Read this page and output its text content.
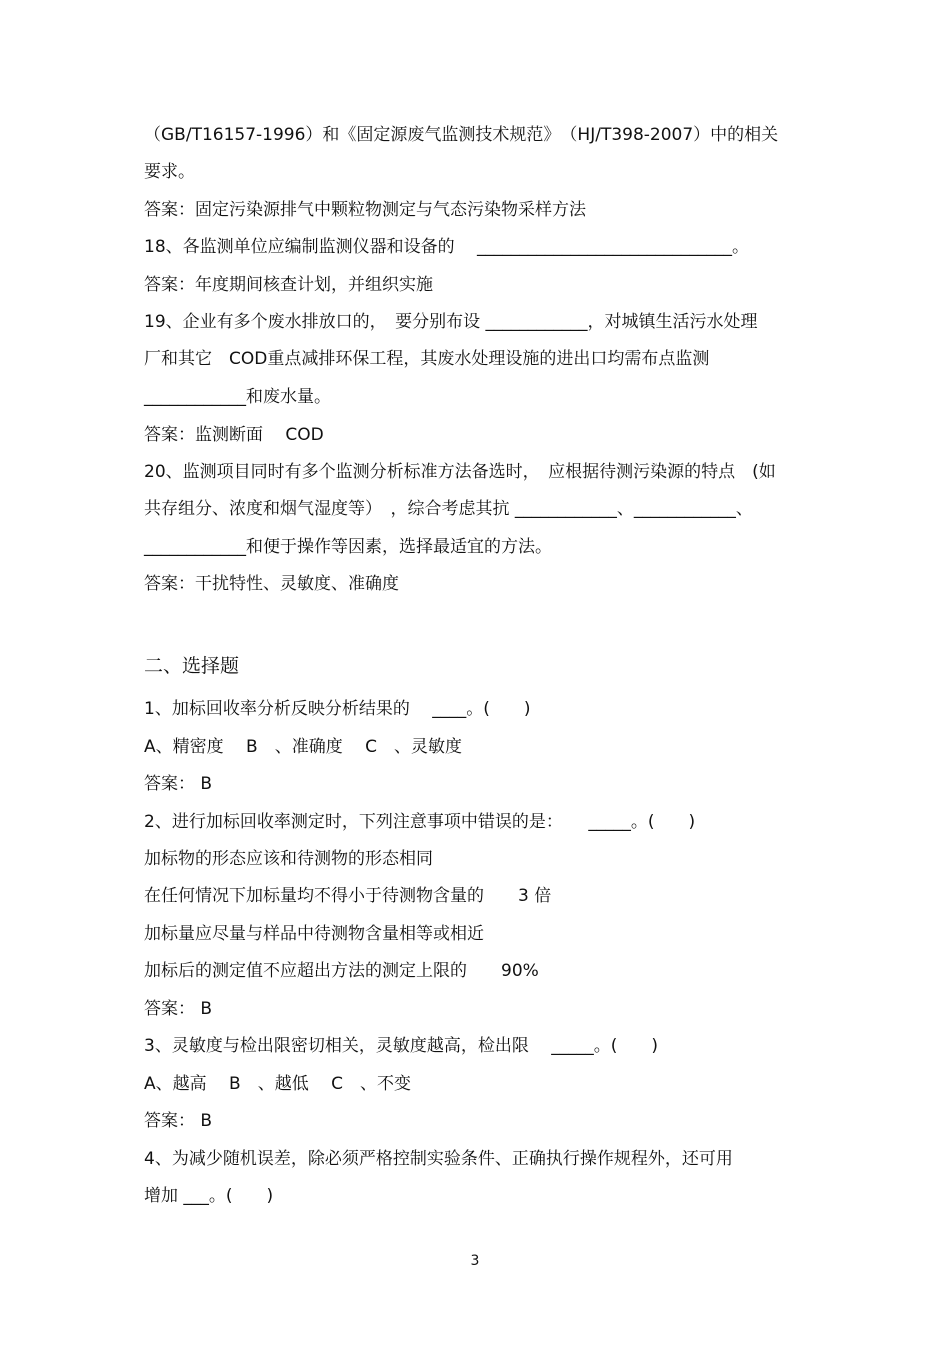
（GB/T16157-1996）和《固定源废气监测技术规范》　（HJ/T398-2007）中的相关
要求。
答案：固定污染源排气中颗粒物测定与气态污染物采样方法
18、各监测单位应编制监测仪器和设备的　 ______________________________。
答案：年度期间核查计划，并组织实施
19、企业有多个废水排放口的，　要分别布设 ____________，对城镇生活污水处理
厂和其它　COD重点减排环保工程，其废水处理设施的进出口均需布点监测
____________和废水量。
答案：监测断面　 COD
20、监测项目同时有多个监测分析标准方法备选时，　应根据待测污染源的特点　(如
共存组分、浓度和烟气湿度等）　，综合考虑其抗 ____________、____________、
____________和便于操作等因素，选择最适宜的方法。
答案：干扰特性、灵敏度、准确度
二、选择题
1、加标回收率分析反映分析结果的　 ____。(　　)
A、精密度　 B　、准确度　 C　、灵敏度
答案： B
2、进行加标回收率测定时，下列注意事项中错误的是：　　_____。(　　)
加标物的形态应该和待测物的形态相同
在任何情况下加标量均不得小于待测物含量的　　3 倍
加标量应尽量与样品中待测物含量相等或相近
加标后的测定值不应超出方法的测定上限的　　90%
答案： B
3、灵敏度与检出限密切相关，灵敏度越高，检出限　 _____。(　　)
A、越高　 B　、越低　 C　、不变
答案： B
4、为减少随机误差，除必须严格控制实验条件、正确执行操作规程外，还可用
增加 ___。(　　)
3
